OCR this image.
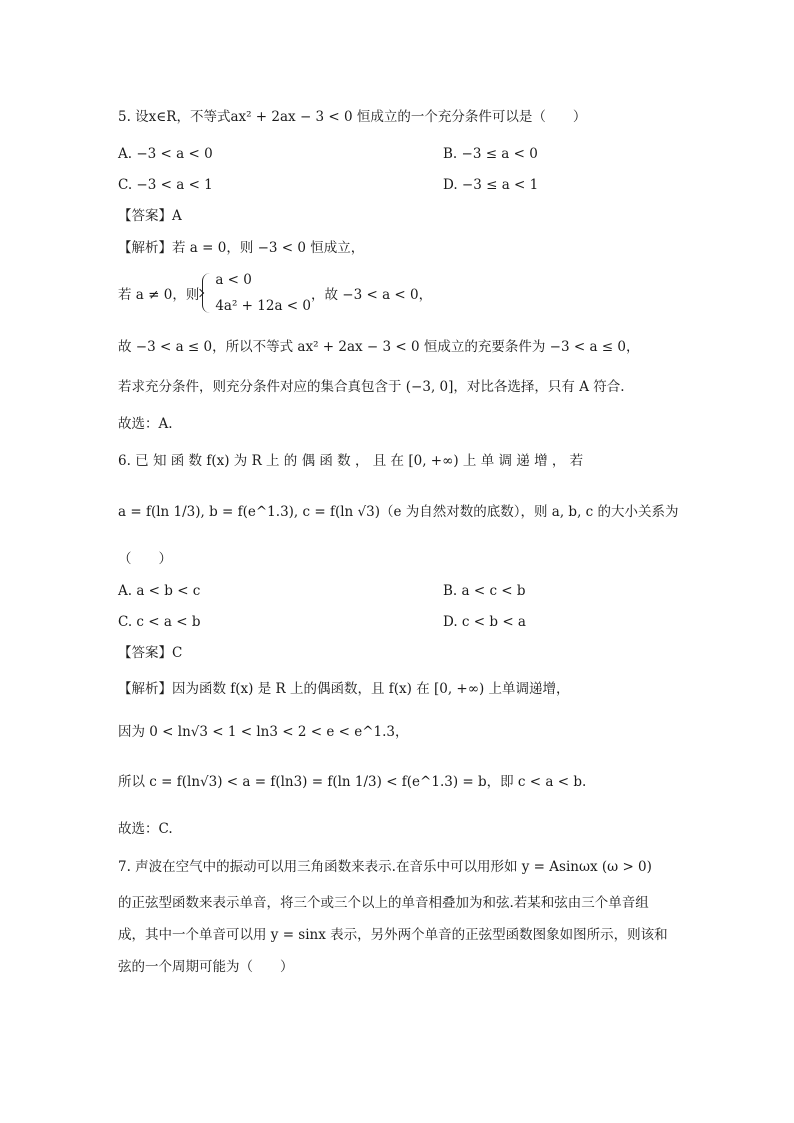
5. 设x∈R，不等式ax² + 2ax − 3 < 0 恒成立的一个充分条件可以是（　　）
A. −3 < a < 0	B. −3 ≤ a < 0
C. −3 < a < 1	D. −3 ≤ a < 1
【答案】A
【解析】若 a = 0，则 −3 < 0 恒成立，
若 a ≠ 0，则
a < 0
4a² + 12a < 0
，故 −3 < a < 0，
故 −3 < a ≤ 0，所以不等式 ax² + 2ax − 3 < 0 恒成立的充要条件为 −3 < a ≤ 0，
若求充分条件，则充分条件对应的集合真包含于 (−3, 0]，对比各选择，只有 A 符合.
故选：A.
6. 已 知 函 数 f(x) 为 R 上 的 偶 函 数 ， 且 在 [0, +∞) 上 单 调 递 增 ， 若
a = f(ln 1/3), b = f(e^1.3), c = f(ln √3)（e 为自然对数的底数），则 a, b, c 的大小关系为
（　　）
A. a < b < c	B. a < c < b
C. c < a < b	D. c < b < a
【答案】C
【解析】因为函数 f(x) 是 R 上的偶函数，且 f(x) 在 [0, +∞) 上单调递增，
因为 0 < ln√3 < 1 < ln3 < 2 < e < e^1.3，
所以 c = f(ln√3) < a = f(ln3) = f(ln 1/3) < f(e^1.3) = b，即 c < a < b.
故选：C.
7. 声波在空气中的振动可以用三角函数来表示.在音乐中可以用形如 y = Asinωx (ω > 0)
的正弦型函数来表示单音，将三个或三个以上的单音相叠加为和弦.若某和弦由三个单音组
成，其中一个单音可以用 y = sinx 表示，另外两个单音的正弦型函数图象如图所示，则该和
弦的一个周期可能为（　　）
